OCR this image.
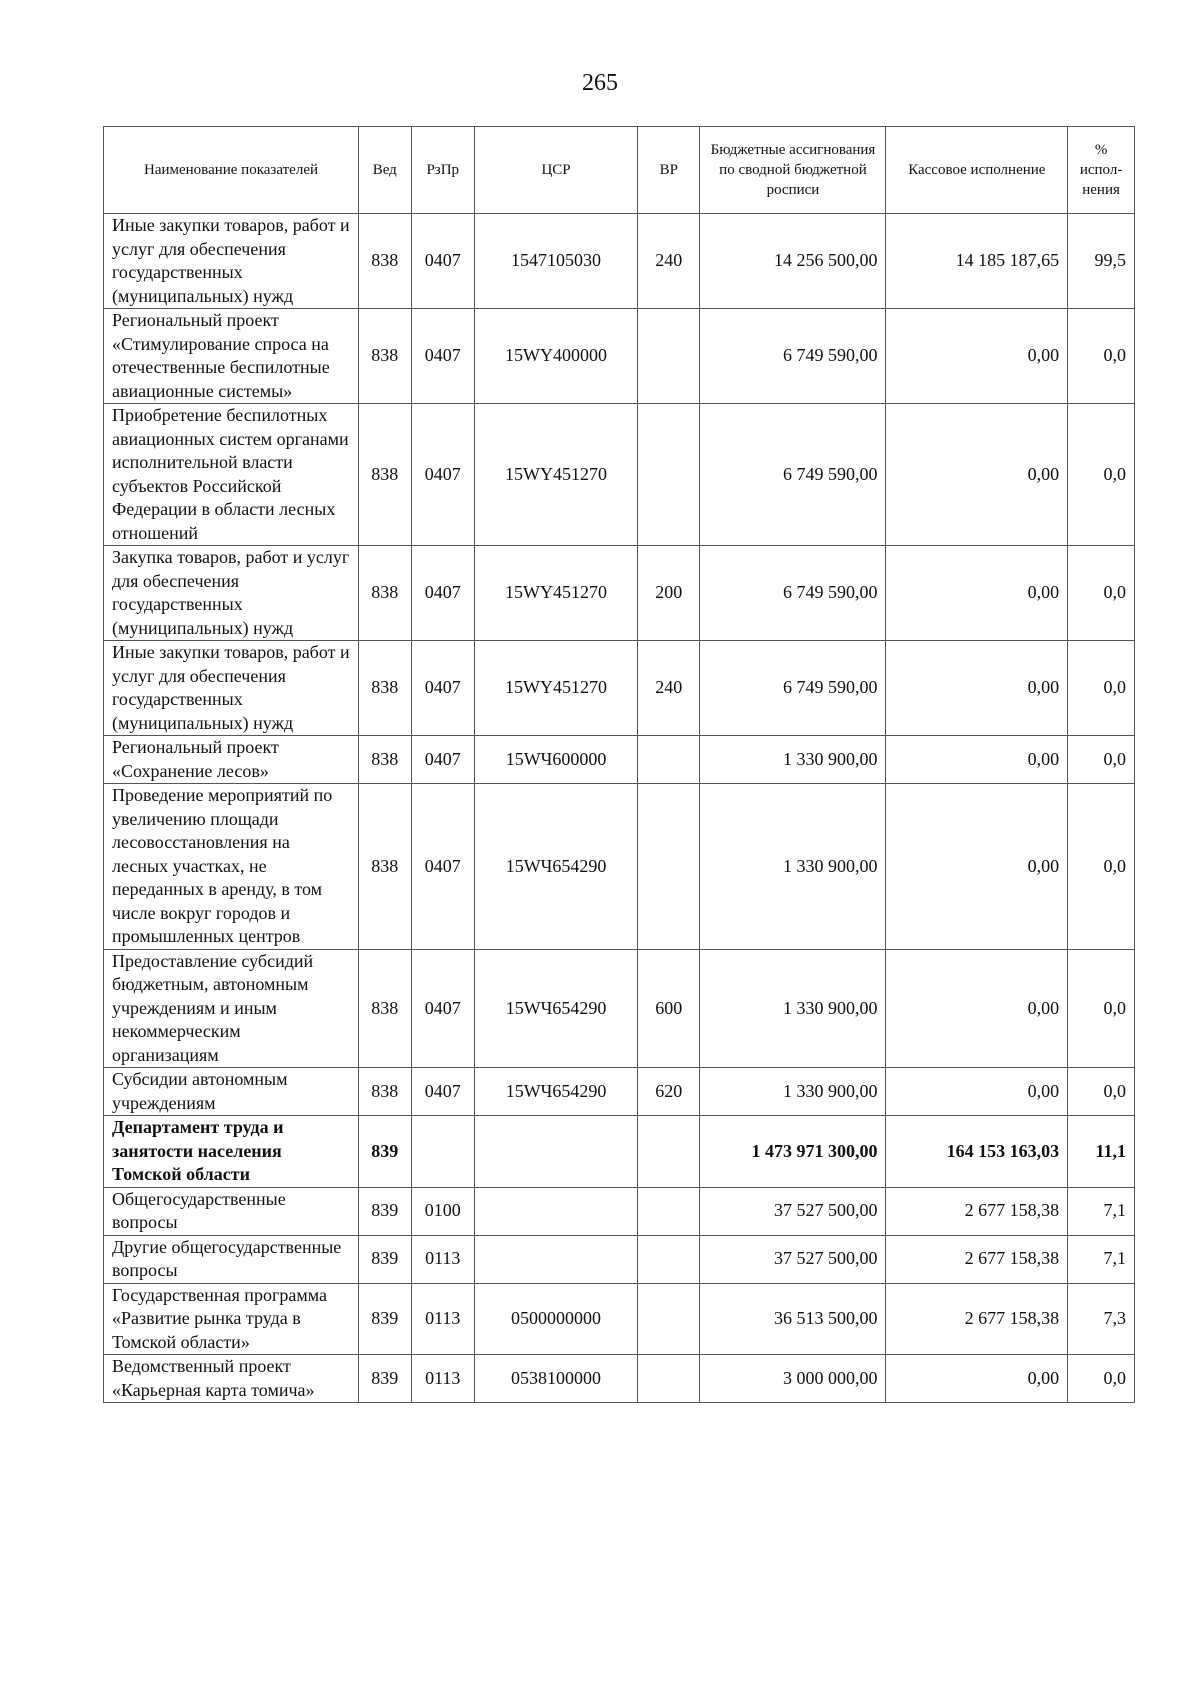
265
Наименование показателей	Вед	РзПр	ЦСР	ВР	Бюджетные ассигнования по сводной бюджетной росписи	Кассовое исполнение	% испол-нения
Иные закупки товаров, работ и услуг для обеспечения государственных (муниципальных) нужд	838	0407	1547105030	240	14 256 500,00	14 185 187,65	99,5
Региональный проект «Стимулирование спроса на отечественные беспилотные авиационные системы»	838	0407	15WY400000		6 749 590,00	0,00	0,0
Приобретение беспилотных авиационных систем органами исполнительной власти субъектов Российской Федерации в области лесных отношений	838	0407	15WY451270		6 749 590,00	0,00	0,0
Закупка товаров, работ и услуг для обеспечения государственных (муниципальных) нужд	838	0407	15WY451270	200	6 749 590,00	0,00	0,0
Иные закупки товаров, работ и услуг для обеспечения государственных (муниципальных) нужд	838	0407	15WY451270	240	6 749 590,00	0,00	0,0
Региональный проект «Сохранение лесов»	838	0407	15WЧ600000		1 330 900,00	0,00	0,0
Проведение мероприятий по увеличению площади лесовосстановления на лесных участках, не переданных в аренду, в том числе вокруг городов и промышленных центров	838	0407	15WЧ654290		1 330 900,00	0,00	0,0
Предоставление субсидий бюджетным, автономным учреждениям и иным некоммерческим организациям	838	0407	15WЧ654290	600	1 330 900,00	0,00	0,0
Субсидии автономным учреждениям	838	0407	15WЧ654290	620	1 330 900,00	0,00	0,0
Департамент труда и занятости населения Томской области	839				1 473 971 300,00	164 153 163,03	11,1
Общегосударственные вопросы	839	0100			37 527 500,00	2 677 158,38	7,1
Другие общегосударственные вопросы	839	0113			37 527 500,00	2 677 158,38	7,1
Государственная программа «Развитие рынка труда в Томской области»	839	0113	0500000000		36 513 500,00	2 677 158,38	7,3
Ведомственный проект «Карьерная карта томича»	839	0113	0538100000		3 000 000,00	0,00	0,0
